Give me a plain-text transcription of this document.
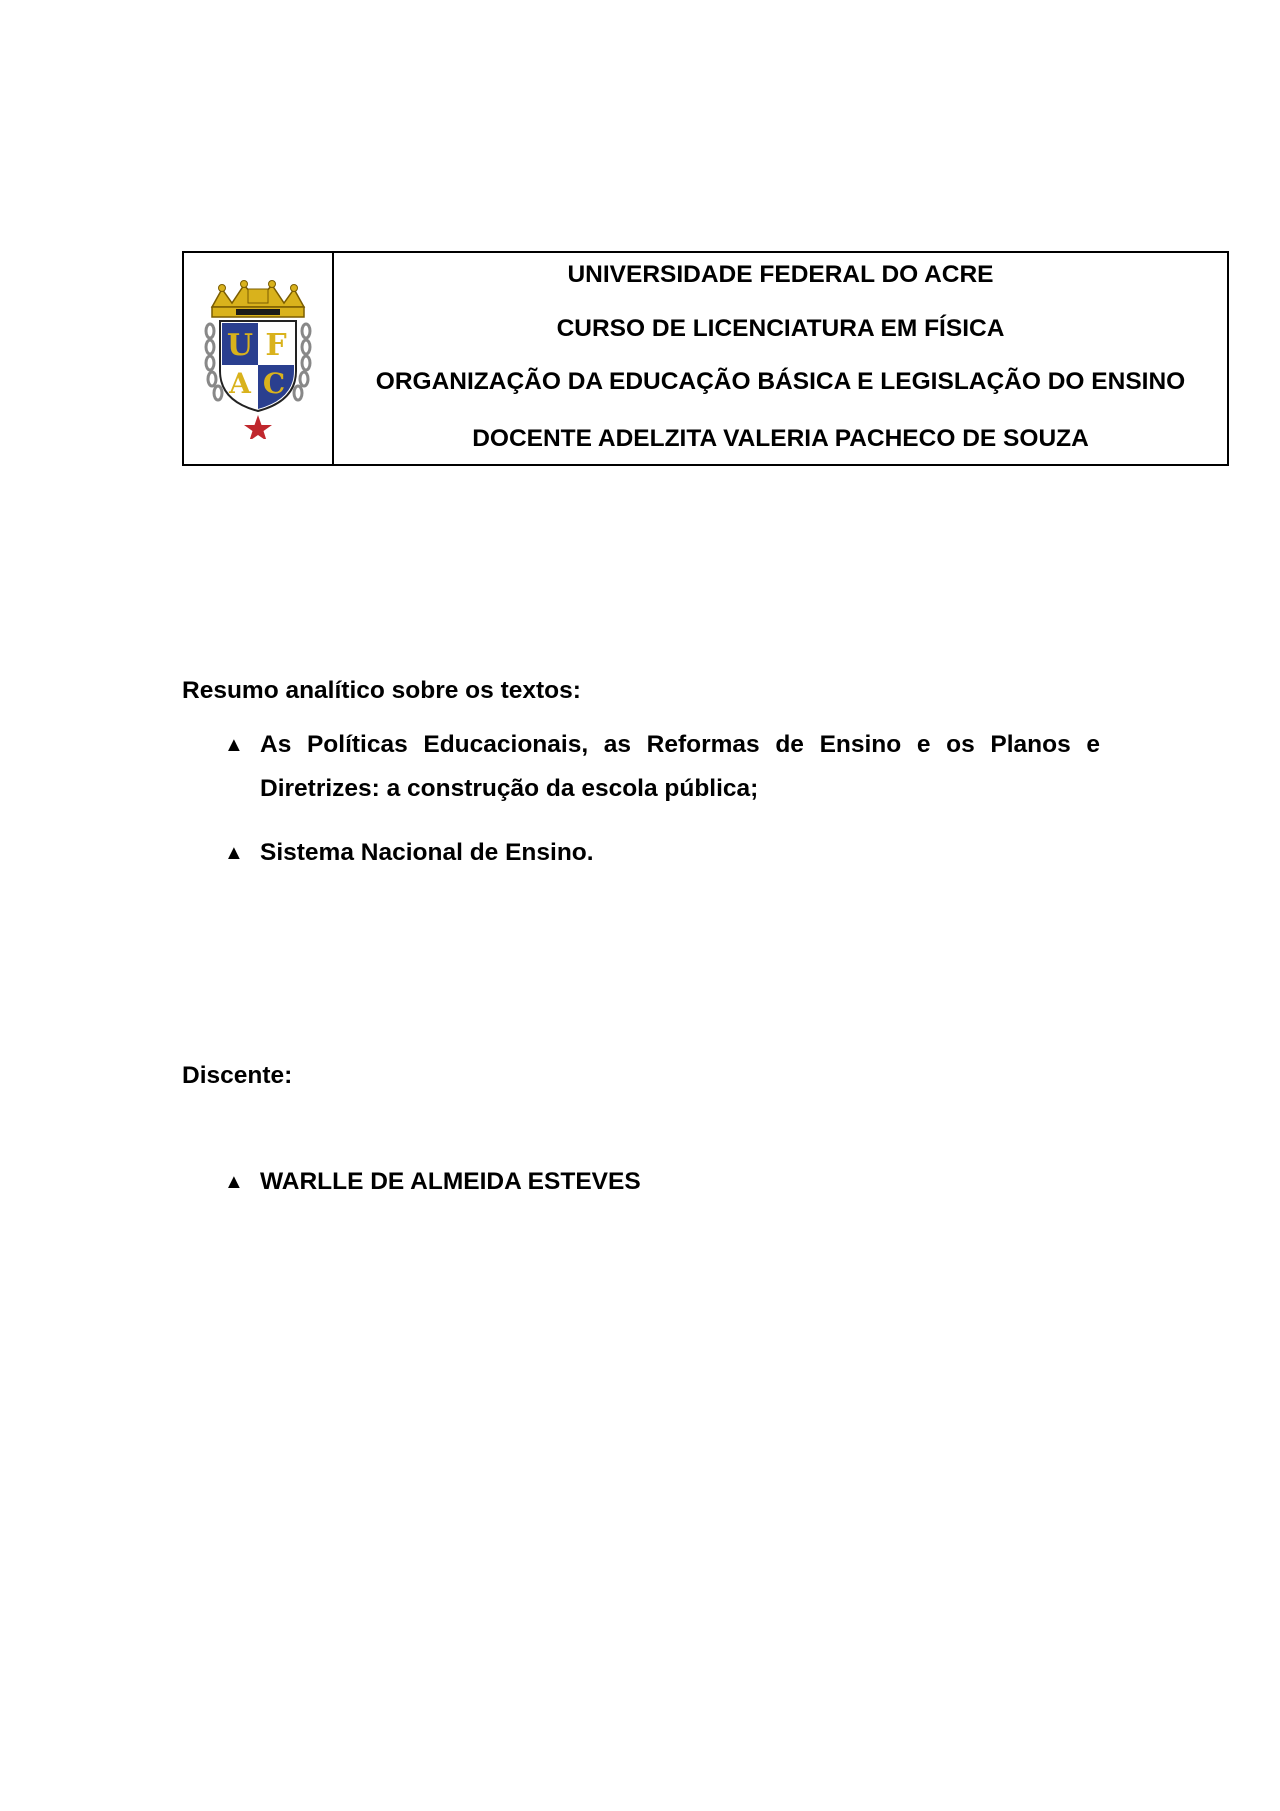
U F
A C
UNIVERSIDADE FEDERAL DO ACRE
CURSO DE LICENCIATURA EM FÍSICA
ORGANIZAÇÃO DA EDUCAÇÃO BÁSICA E LEGISLAÇÃO DO ENSINO
DOCENTE ADELZITA VALERIA PACHECO DE SOUZA
Resumo analítico sobre os textos:
▲ As Políticas Educacionais, as Reformas de Ensino e os Planos e Diretrizes: a construção da escola pública;
▲ Sistema Nacional de Ensino.
Discente:
▲ WARLLE DE ALMEIDA ESTEVES
